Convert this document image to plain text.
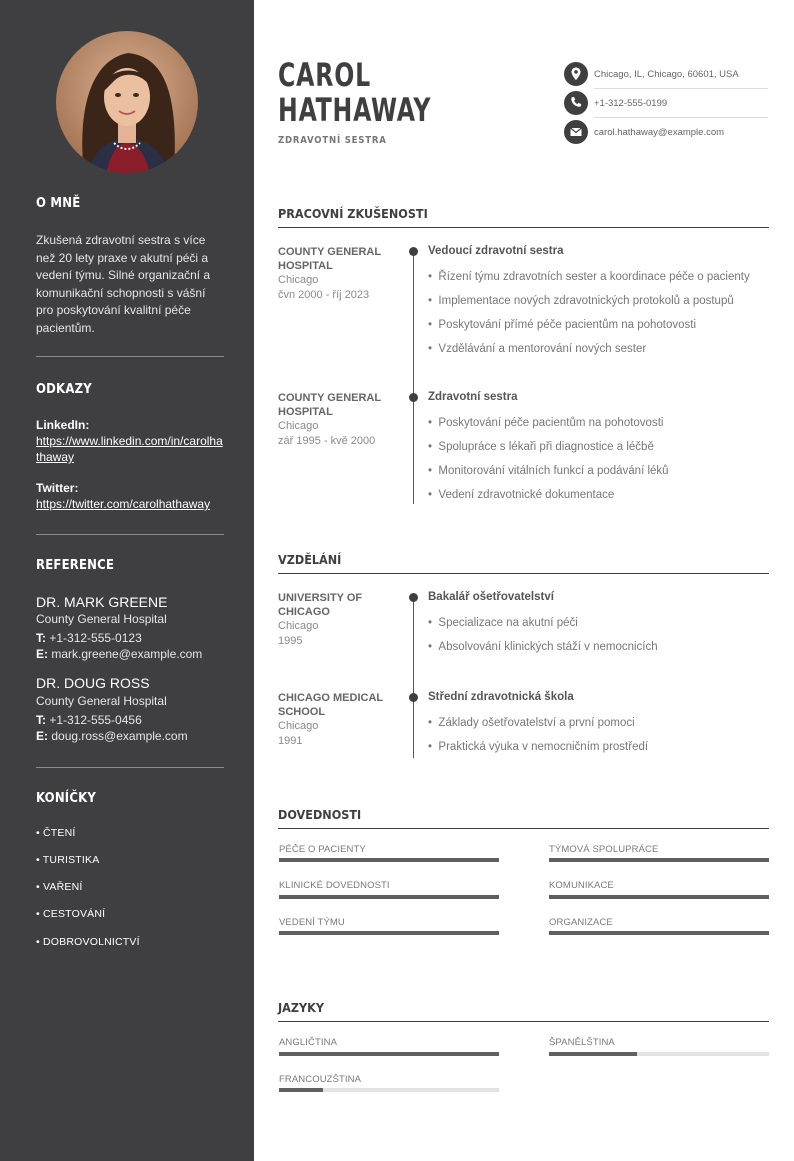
O MNĚ
Zkušená zdravotní sestra s více než 20 lety praxe v akutní péči a vedení týmu. Silné organizační a komunikační schopnosti s vášní pro poskytování kvalitní péče pacientům.
ODKAZY
LinkedIn:
https://www.linkedin.com/in/carolhathaway
Twitter:
https://twitter.com/carolhathaway
REFERENCE
DR. MARK GREENE
County General Hospital
T: +1-312-555-0123
E: mark.greene@example.com
DR. DOUG ROSS
County General Hospital
T: +1-312-555-0456
E: doug.ross@example.com
KONÍČKY
• ČTENÍ
• TURISTIKA
• VAŘENÍ
• CESTOVÁNÍ
• DOBROVOLNICTVÍ
CAROL
HATHAWAY
ZDRAVOTNÍ SESTRA
Chicago, IL, Chicago, 60601, USA
+1-312-555-0199
carol.hathaway@example.com
PRACOVNÍ ZKUŠENOSTI
COUNTY GENERAL HOSPITAL
Chicago
čvn 2000 - říj 2023
Vedoucí zdravotní sestra
•  Řízení týmu zdravotních sester a koordinace péče o pacienty
•  Implementace nových zdravotnických protokolů a postupů
•  Poskytování přímé péče pacientům na pohotovosti
•  Vzdělávání a mentorování nových sester
COUNTY GENERAL HOSPITAL
Chicago
zář 1995 - kvě 2000
Zdravotní sestra
•  Poskytování péče pacientům na pohotovosti
•  Spolupráce s lékaři při diagnostice a léčbě
•  Monitorování vitálních funkcí a podávání léků
•  Vedení zdravotnické dokumentace
VZDĚLÁNÍ
UNIVERSITY OF CHICAGO
Chicago
1995
Bakalář ošetřovatelství
•  Specializace na akutní péči
•  Absolvování klinických stáží v nemocnicích
CHICAGO MEDICAL SCHOOL
Chicago
1991
Střední zdravotnická škola
•  Základy ošetřovatelství a první pomoci
•  Praktická výuka v nemocničním prostředí
DOVEDNOSTI
PÉČE O PACIENTY	TÝMOVÁ SPOLUPRÁCE
KLINICKÉ DOVEDNOSTI	KOMUNIKACE
VEDENÍ TÝMU	ORGANIZACE
JAZYKY
ANGLIČTINA	ŠPANĚLŠTINA
FRANCOUZŠTINA
